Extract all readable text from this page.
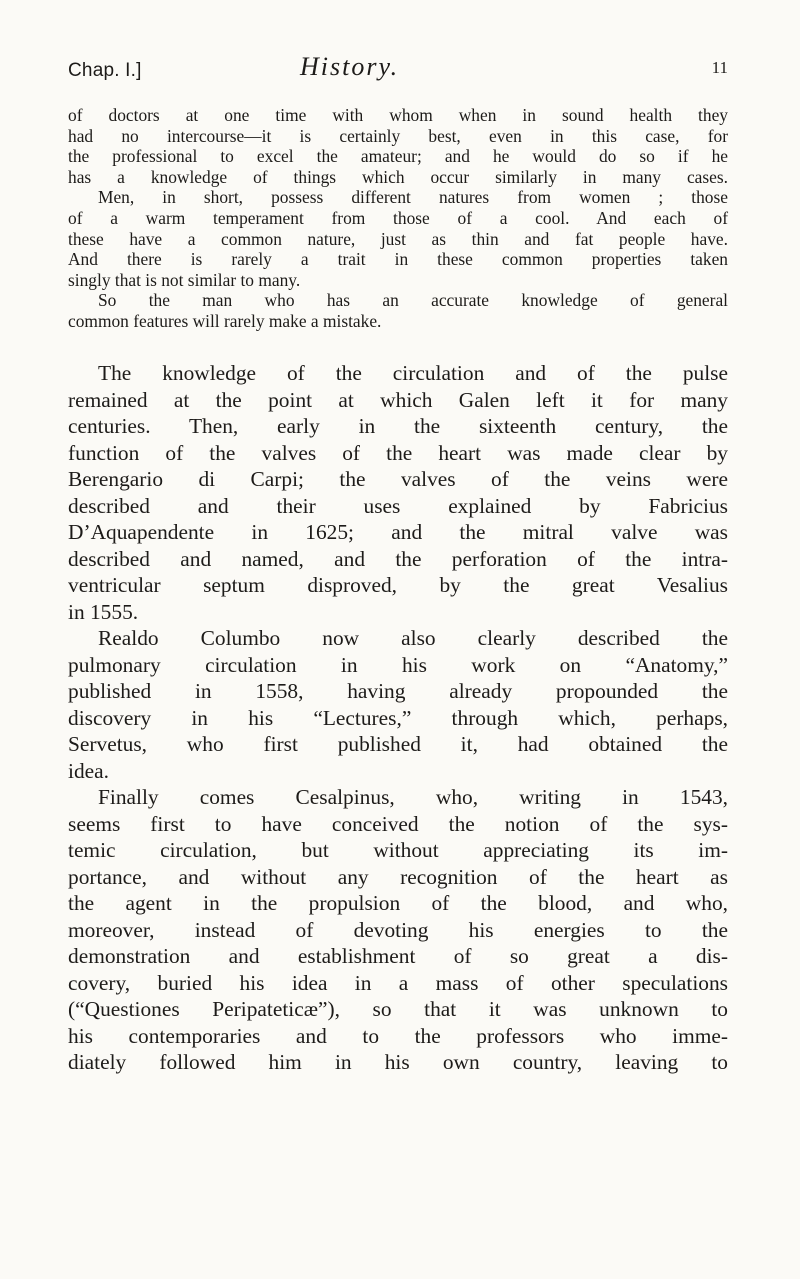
Chap. I.]	History.	11
of doctors at one time with whom when in sound health they
had no intercourse—it is certainly best, even in this case, for
the professional to excel the amateur; and he would do so if he
has a knowledge of things which occur similarly in many cases.
Men, in short, possess different natures from women ; those
of a warm temperament from those of a cool. And each of
these have a common nature, just as thin and fat people have.
And there is rarely a trait in these common properties taken
singly that is not similar to many.
So the man who has an accurate knowledge of general
common features will rarely make a mistake.
The knowledge of the circulation and of the pulse
remained at the point at which Galen left it for many
centuries. Then, early in the sixteenth century, the
function of the valves of the heart was made clear by
Berengario di Carpi; the valves of the veins were
described and their uses explained by Fabricius
D’Aquapendente in 1625; and the mitral valve was
described and named, and the perforation of the intra-
ventricular septum disproved, by the great Vesalius
in 1555.
Realdo Columbo now also clearly described the
pulmonary circulation in his work on “Anatomy,”
published in 1558, having already propounded the
discovery in his “Lectures,” through which, perhaps,
Servetus, who first published it, had obtained the
idea.
Finally comes Cesalpinus, who, writing in 1543,
seems first to have conceived the notion of the sys-
temic circulation, but without appreciating its im-
portance, and without any recognition of the heart as
the agent in the propulsion of the blood, and who,
moreover, instead of devoting his energies to the
demonstration and establishment of so great a dis-
covery, buried his idea in a mass of other speculations
(“Questiones Peripateticæ”), so that it was unknown to
his contemporaries and to the professors who imme-
diately followed him in his own country, leaving to
